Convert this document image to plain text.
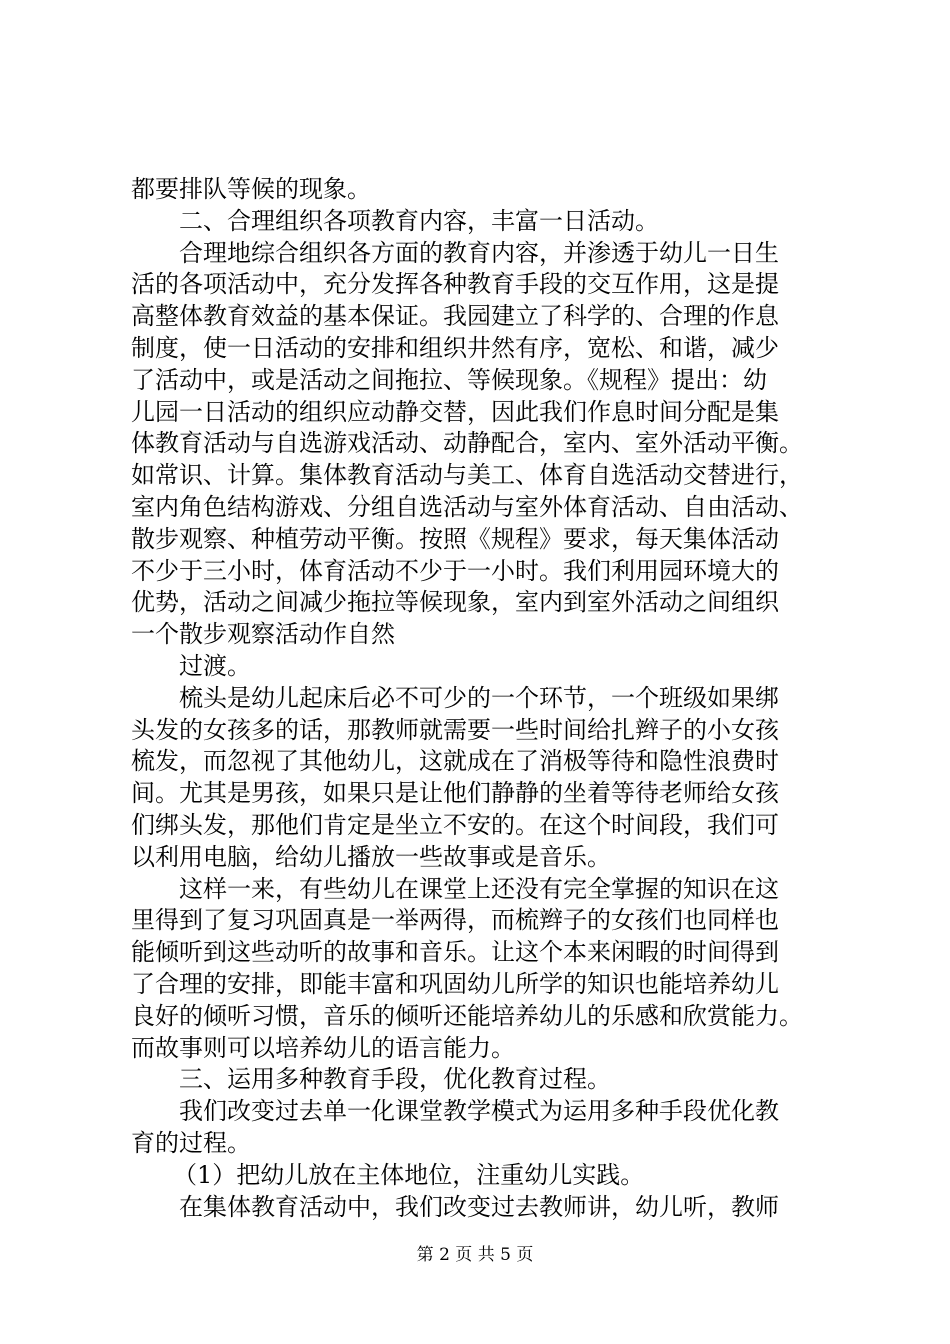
都要排队等候的现象。
二、合理组织各项教育内容，丰富一日活动。
合理地综合组织各方面的教育内容，并渗透于幼儿一日生
活的各项活动中，充分发挥各种教育手段的交互作用，这是提
高整体教育效益的基本保证。我园建立了科学的、合理的作息
制度，使一日活动的安排和组织井然有序，宽松、和谐，减少
了活动中，或是活动之间拖拉、等候现象。《规程》提出：幼
儿园一日活动的组织应动静交替，因此我们作息时间分配是集
体教育活动与自选游戏活动、动静配合，室内、室外活动平衡。
如常识、计算。集体教育活动与美工、体育自选活动交替进行，
室内角色结构游戏、分组自选活动与室外体育活动、自由活动、
散步观察、种植劳动平衡。按照《规程》要求，每天集体活动
不少于三小时，体育活动不少于一小时。我们利用园环境大的
优势，活动之间减少拖拉等候现象，室内到室外活动之间组织
一个散步观察活动作自然
过渡。
梳头是幼儿起床后必不可少的一个环节，一个班级如果绑
头发的女孩多的话，那教师就需要一些时间给扎辫子的小女孩
梳发，而忽视了其他幼儿，这就成在了消极等待和隐性浪费时
间。尤其是男孩，如果只是让他们静静的坐着等待老师给女孩
们绑头发，那他们肯定是坐立不安的。在这个时间段，我们可
以利用电脑，给幼儿播放一些故事或是音乐。
这样一来，有些幼儿在课堂上还没有完全掌握的知识在这
里得到了复习巩固真是一举两得，而梳辫子的女孩们也同样也
能倾听到这些动听的故事和音乐。让这个本来闲暇的时间得到
了合理的安排，即能丰富和巩固幼儿所学的知识也能培养幼儿
良好的倾听习惯，音乐的倾听还能培养幼儿的乐感和欣赏能力。
而故事则可以培养幼儿的语言能力。
三、运用多种教育手段，优化教育过程。
我们改变过去单一化课堂教学模式为运用多种手段优化教
育的过程。
（1）把幼儿放在主体地位，注重幼儿实践。
在集体教育活动中，我们改变过去教师讲，幼儿听，教师
第 2 页 共 5 页
